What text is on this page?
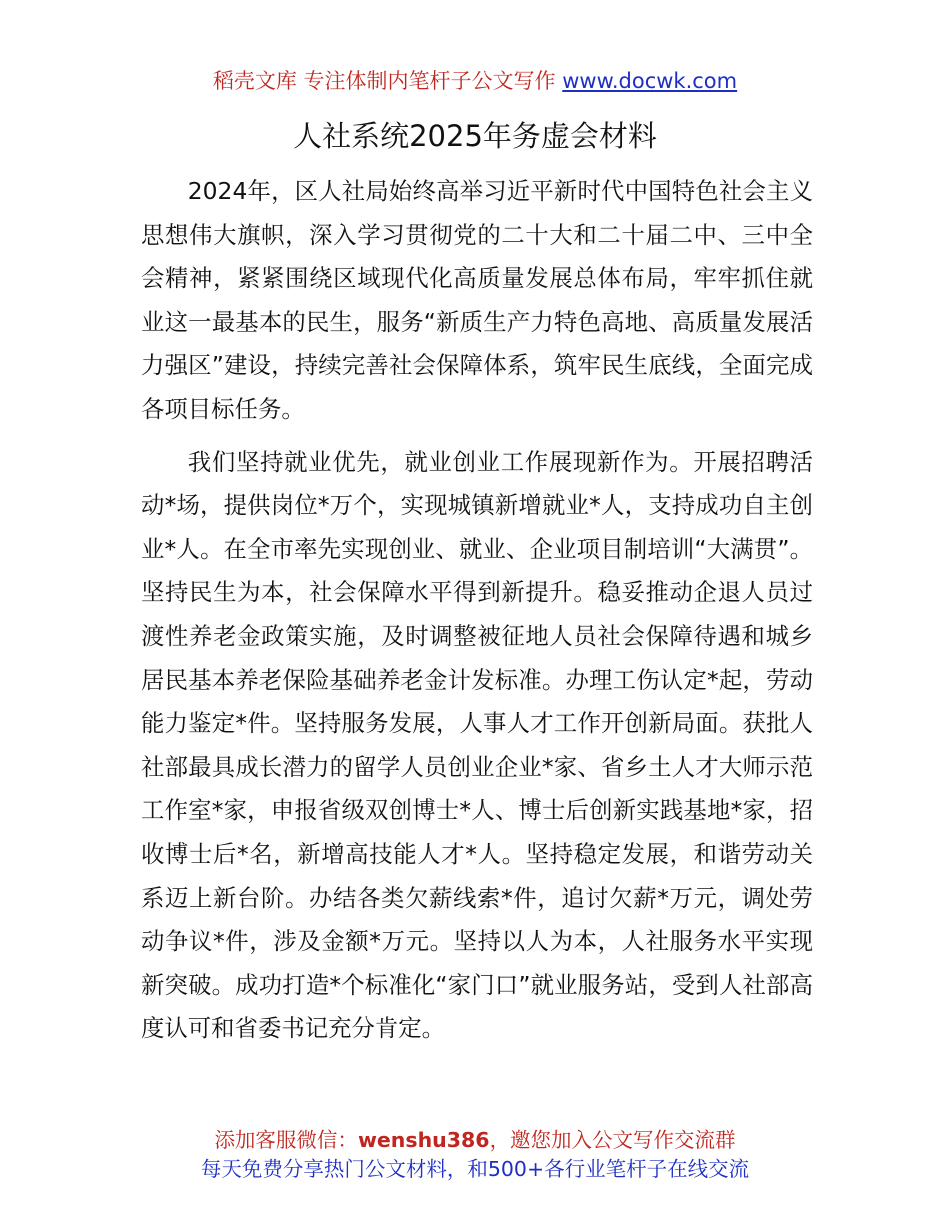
稻壳文库 专注体制内笔杆子公文写作 www.docwk.com
人社系统2025年务虚会材料

2024年，区人社局始终高举习近平新时代中国特色社会主义思想伟大旗帜，深入学习贯彻党的二十大和二十届二中、三中全会精神，紧紧围绕区域现代化高质量发展总体布局，牢牢抓住就业这一最基本的民生，服务“新质生产力特色高地、高质量发展活力强区”建设，持续完善社会保障体系，筑牢民生底线，全面完成各项目标任务。

我们坚持就业优先，就业创业工作展现新作为。开展招聘活动*场，提供岗位*万个，实现城镇新增就业*人，支持成功自主创业*人。在全市率先实现创业、就业、企业项目制培训“大满贯”。坚持民生为本，社会保障水平得到新提升。稳妥推动企退人员过渡性养老金政策实施，及时调整被征地人员社会保障待遇和城乡居民基本养老保险基础养老金计发标准。办理工伤认定*起，劳动能力鉴定*件。坚持服务发展，人事人才工作开创新局面。获批人社部最具成长潜力的留学人员创业企业*家、省乡土人才大师示范工作室*家，申报省级双创博士*人、博士后创新实践基地*家，招收博士后*名，新增高技能人才*人。坚持稳定发展，和谐劳动关系迈上新台阶。办结各类欠薪线索*件，追讨欠薪*万元，调处劳动争议*件，涉及金额*万元。坚持以人为本，人社服务水平实现新突破。成功打造*个标准化“家门口”就业服务站，受到人社部高度认可和省委书记充分肯定。

添加客服微信：wenshu386，邀您加入公文写作交流群
每天免费分享热门公文材料，和500+各行业笔杆子在线交流
